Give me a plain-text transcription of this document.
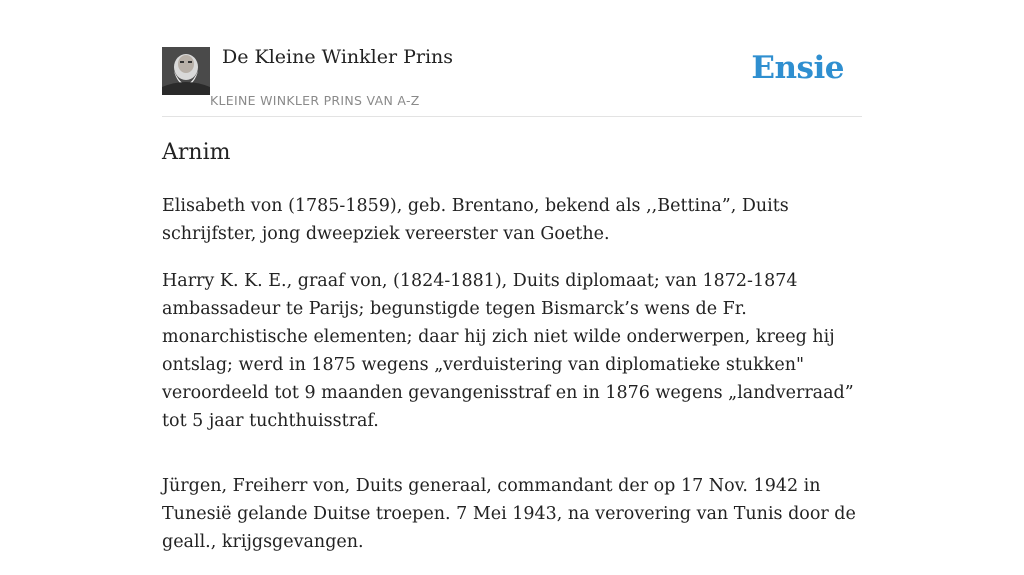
De Kleine Winkler Prins
KLEINE WINKLER PRINS VAN A-Z
Ensie
Arnim

Elisabeth von (1785-1859), geb. Brentano, bekend als ,,Bettina”, Duits schrijfster, jong dweepziek vereerster van Goethe.

Harry K. K. E., graaf von, (1824-1881), Duits diplomaat; van 1872-1874 ambassadeur te Parijs; begunstigde tegen Bismarck’s wens de Fr. monarchistische elementen; daar hij zich niet wilde onderwerpen, kreeg hij ontslag; werd in 1875 wegens „verduistering van diplomatieke stukken" veroordeeld tot 9 maanden gevangenisstraf en in 1876 wegens „landverraad” tot 5 jaar tuchthuisstraf.

Jürgen, Freiherr von, Duits generaal, commandant der op 17 Nov. 1942 in Tunesië gelande Duitse troepen. 7 Mei 1943, na verovering van Tunis door de geall., krijgsgevangen.
